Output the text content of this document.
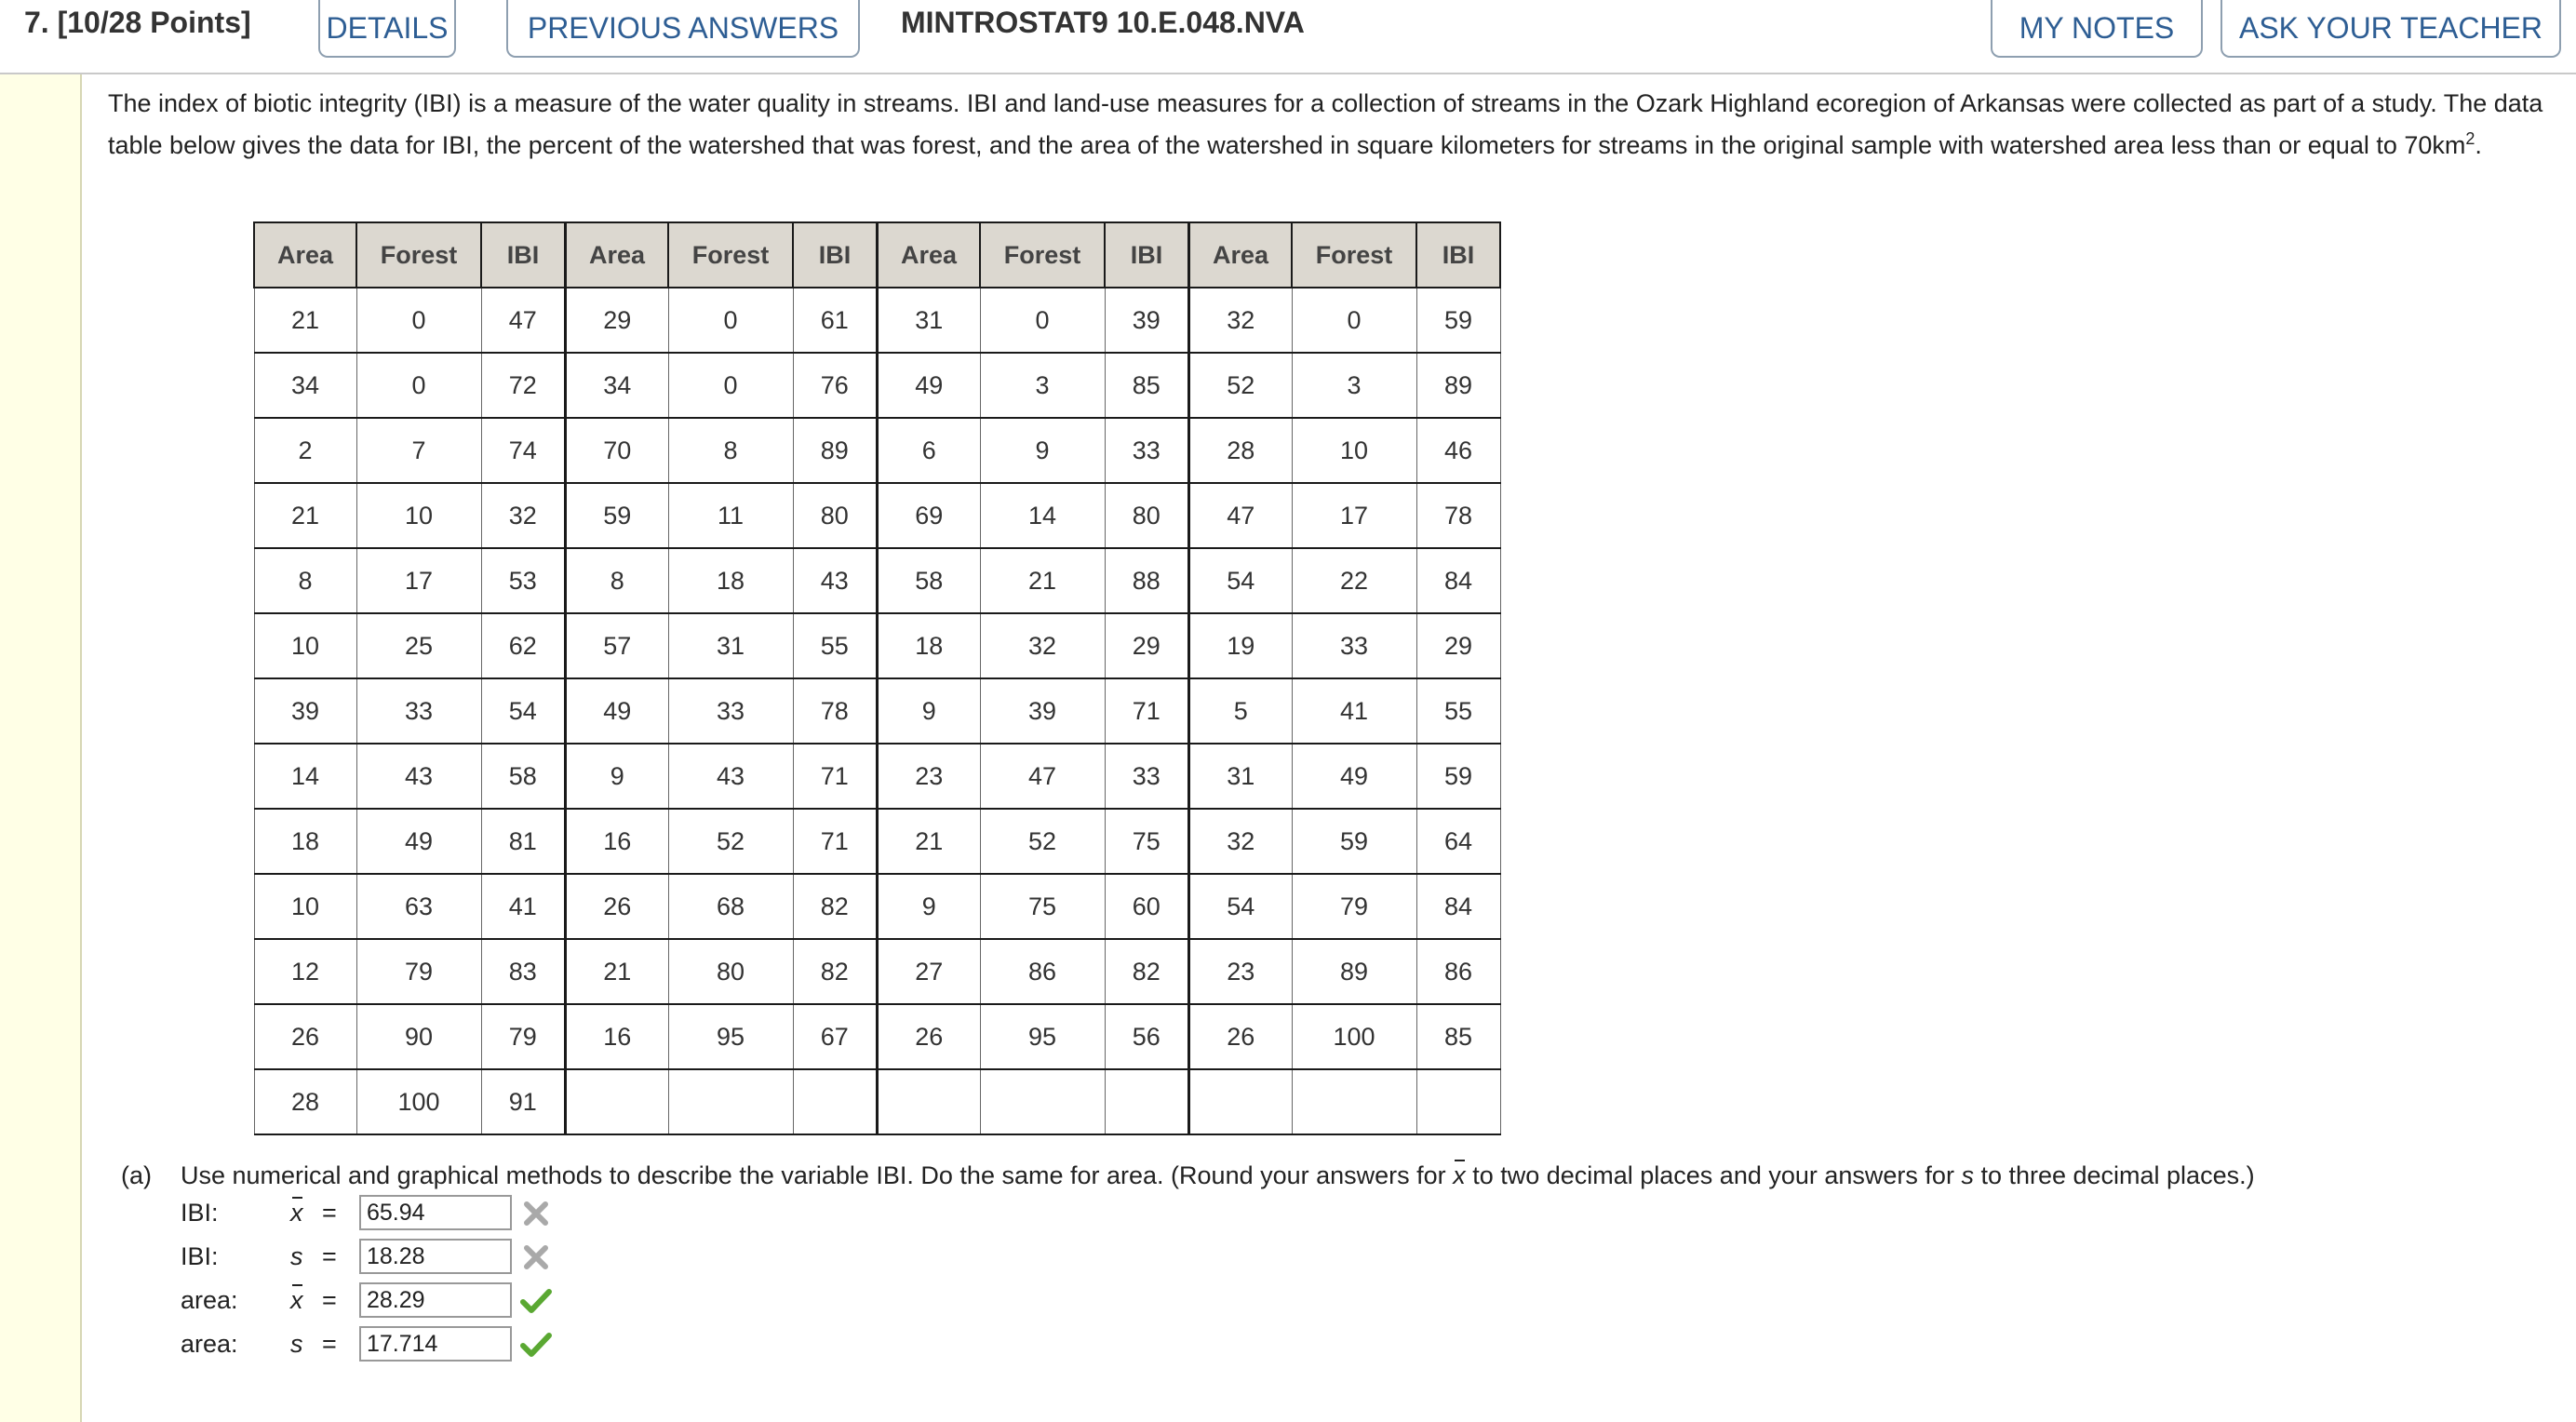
7. [10/28 Points]	DETAILS	PREVIOUS ANSWERS	MINTROSTAT9 10.E.048.NVA	MY NOTES	ASK YOUR TEACHER
The index of biotic integrity (IBI) is a measure of the water quality in streams. IBI and land-use measures for a collection of streams in the Ozark Highland ecoregion of Arkansas were collected as part of a study. The data table below gives the data for IBI, the percent of the watershed that was forest, and the area of the watershed in square kilometers for streams in the original sample with watershed area less than or equal to $70km^2$.
Area	Forest	IBI	Area	Forest	IBI	Area	Forest	IBI	Area	Forest	IBI
21	0	47	29	0	61	31	0	39	32	0	59
34	0	72	34	0	76	49	3	85	52	3	89
2	7	74	70	8	89	6	9	33	28	10	46
21	10	32	59	11	80	69	14	80	47	17	78
8	17	53	8	18	43	58	21	88	54	22	84
10	25	62	57	31	55	18	32	29	19	33	29
39	33	54	49	33	78	9	39	71	5	41	55
14	43	58	9	43	71	23	47	33	31	49	59
18	49	81	16	52	71	21	52	75	32	59	64
10	63	41	26	68	82	9	75	60	54	79	84
12	79	83	21	80	82	27	86	82	23	89	86
26	90	79	16	95	67	26	95	56	26	100	85
28	100	91									
(a) Use numerical and graphical methods to describe the variable IBI. Do the same for area. (Round your answers for x to two decimal places and your answers for s to three decimal places.)
IBI:	x =	65.94
IBI:	s =	18.28
area: x =	28.29
area: s =	17.714
